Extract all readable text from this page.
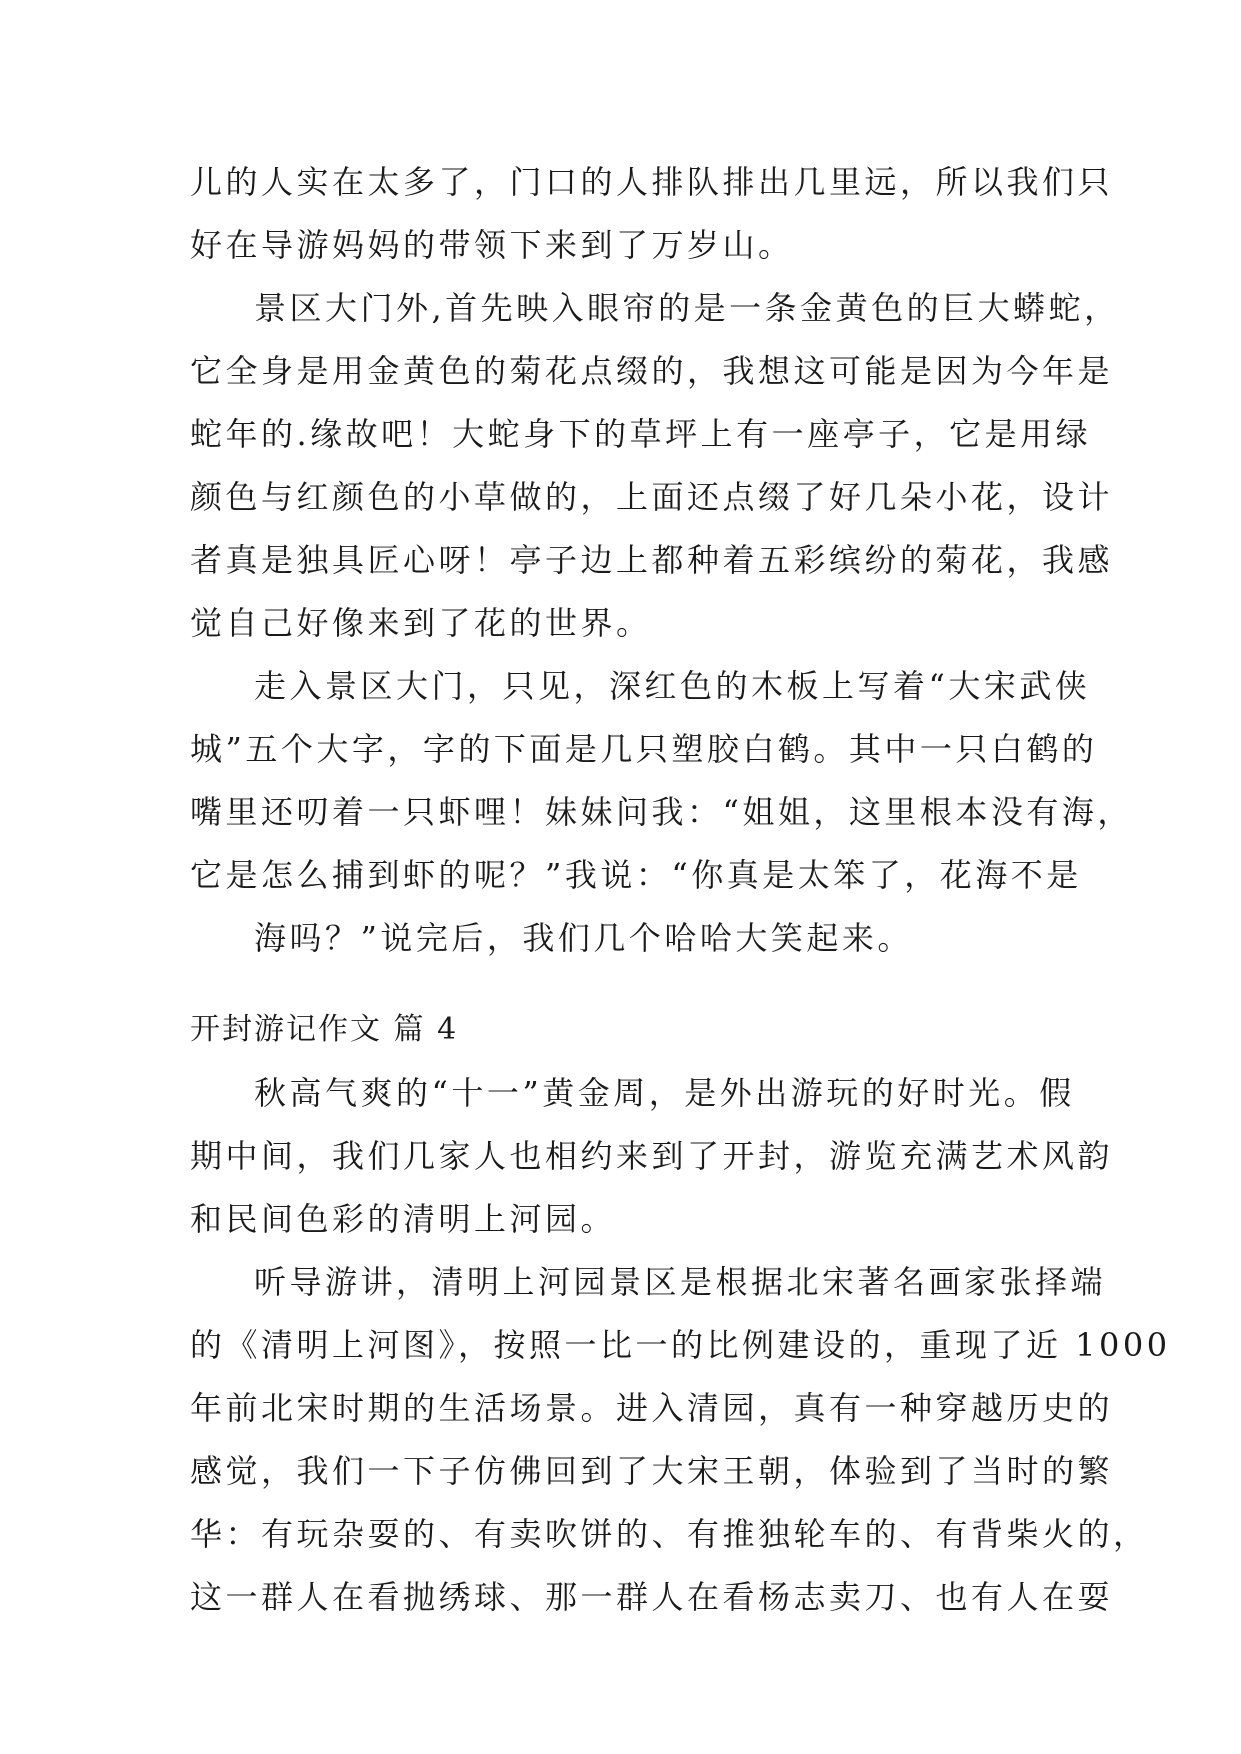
儿的人实在太多了，门口的人排队排出几里远，所以我们只
好在导游妈妈的带领下来到了万岁山。
景区大门外,首先映入眼帘的是一条金黄色的巨大蟒蛇，
它全身是用金黄色的菊花点缀的，我想这可能是因为今年是
蛇年的.缘故吧！大蛇身下的草坪上有一座亭子，它是用绿
颜色与红颜色的小草做的，上面还点缀了好几朵小花，设计
者真是独具匠心呀！亭子边上都种着五彩缤纷的菊花，我感
觉自己好像来到了花的世界。
走入景区大门，只见，深红色的木板上写着“大宋武侠
城”五个大字，字的下面是几只塑胶白鹤。其中一只白鹤的
嘴里还叨着一只虾哩！妹妹问我：“姐姐，这里根本没有海，
它是怎么捕到虾的呢？”我说：“你真是太笨了，花海不是
海吗？”说完后，我们几个哈哈大笑起来。
开封游记作文 篇 4
秋高气爽的“十一”黄金周，是外出游玩的好时光。假
期中间，我们几家人也相约来到了开封，游览充满艺术风韵
和民间色彩的清明上河园。
听导游讲，清明上河园景区是根据北宋著名画家张择端
的《清明上河图》，按照一比一的比例建设的，重现了近 1000
年前北宋时期的生活场景。进入清园，真有一种穿越历史的
感觉，我们一下子仿佛回到了大宋王朝，体验到了当时的繁
华：有玩杂耍的、有卖吹饼的、有推独轮车的、有背柴火的，
这一群人在看抛绣球、那一群人在看杨志卖刀、也有人在耍
